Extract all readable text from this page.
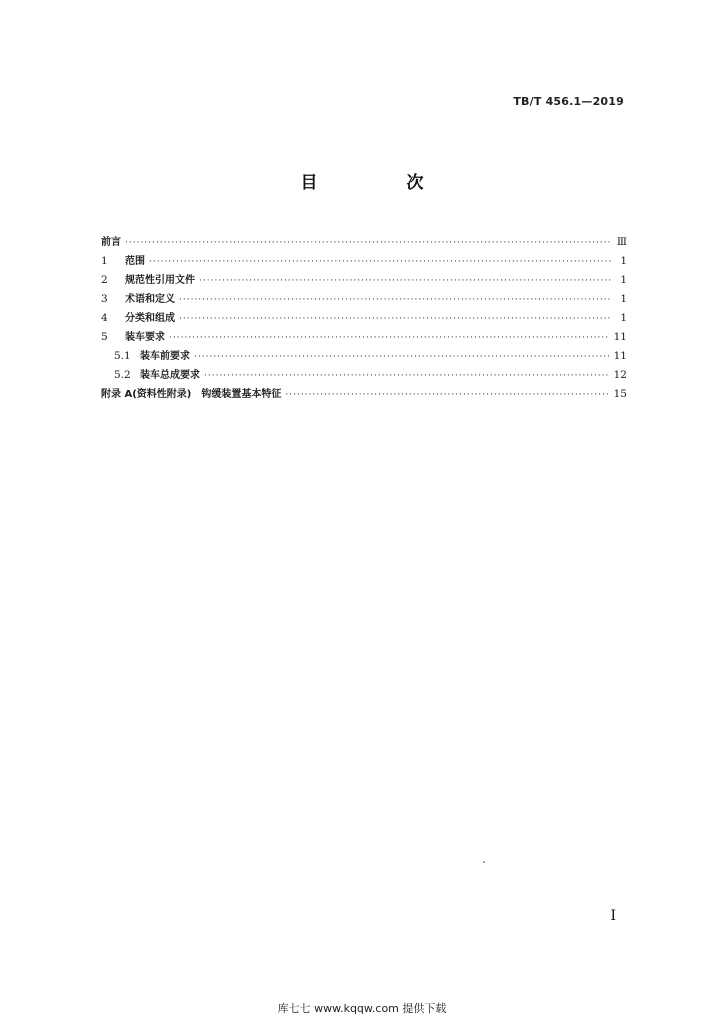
TB/T 456.1—2019
目　次
前言 ·····	Ⅲ
1	范围 ·····	1
2	规范性引用文件 ·····	1
3	术语和定义 ·····	1
4	分类和组成 ·····	1
5	装车要求 ·····	11
5.1 装车前要求 ·····	11
5.2 装车总成要求 ·····	12
附录 A(资料性附录)　钩缓装置基本特征 ·····	15
I
库七七 www.kqqw.com 提供下载
